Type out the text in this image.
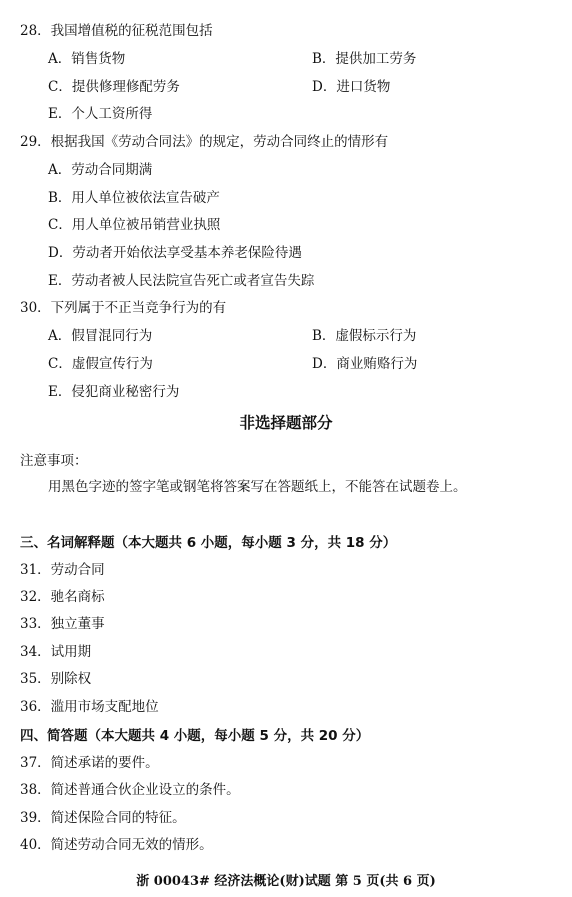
28．我国增值税的征税范围包括
A．销售货物	B．提供加工劳务
C．提供修理修配劳务	D．进口货物
E．个人工资所得
29．根据我国《劳动合同法》的规定，劳动合同终止的情形有
A．劳动合同期满
B．用人单位被依法宣告破产
C．用人单位被吊销营业执照
D．劳动者开始依法享受基本养老保险待遇
E．劳动者被人民法院宣告死亡或者宣告失踪
30．下列属于不正当竞争行为的有
A．假冒混同行为	B．虚假标示行为
C．虚假宣传行为	D．商业贿赂行为
E．侵犯商业秘密行为
非选择题部分
注意事项：
用黑色字迹的签字笔或钢笔将答案写在答题纸上，不能答在试题卷上。
三、名词解释题（本大题共 6 小题，每小题 3 分，共 18 分）
31．劳动合同
32．驰名商标
33．独立董事
34．试用期
35．别除权
36．滥用市场支配地位
四、简答题（本大题共 4 小题，每小题 5 分，共 20 分）
37．简述承诺的要件。
38．简述普通合伙企业设立的条件。
39．简述保险合同的特征。
40．简述劳动合同无效的情形。
浙 00043# 经济法概论(财)试题 第 5 页(共 6 页)
